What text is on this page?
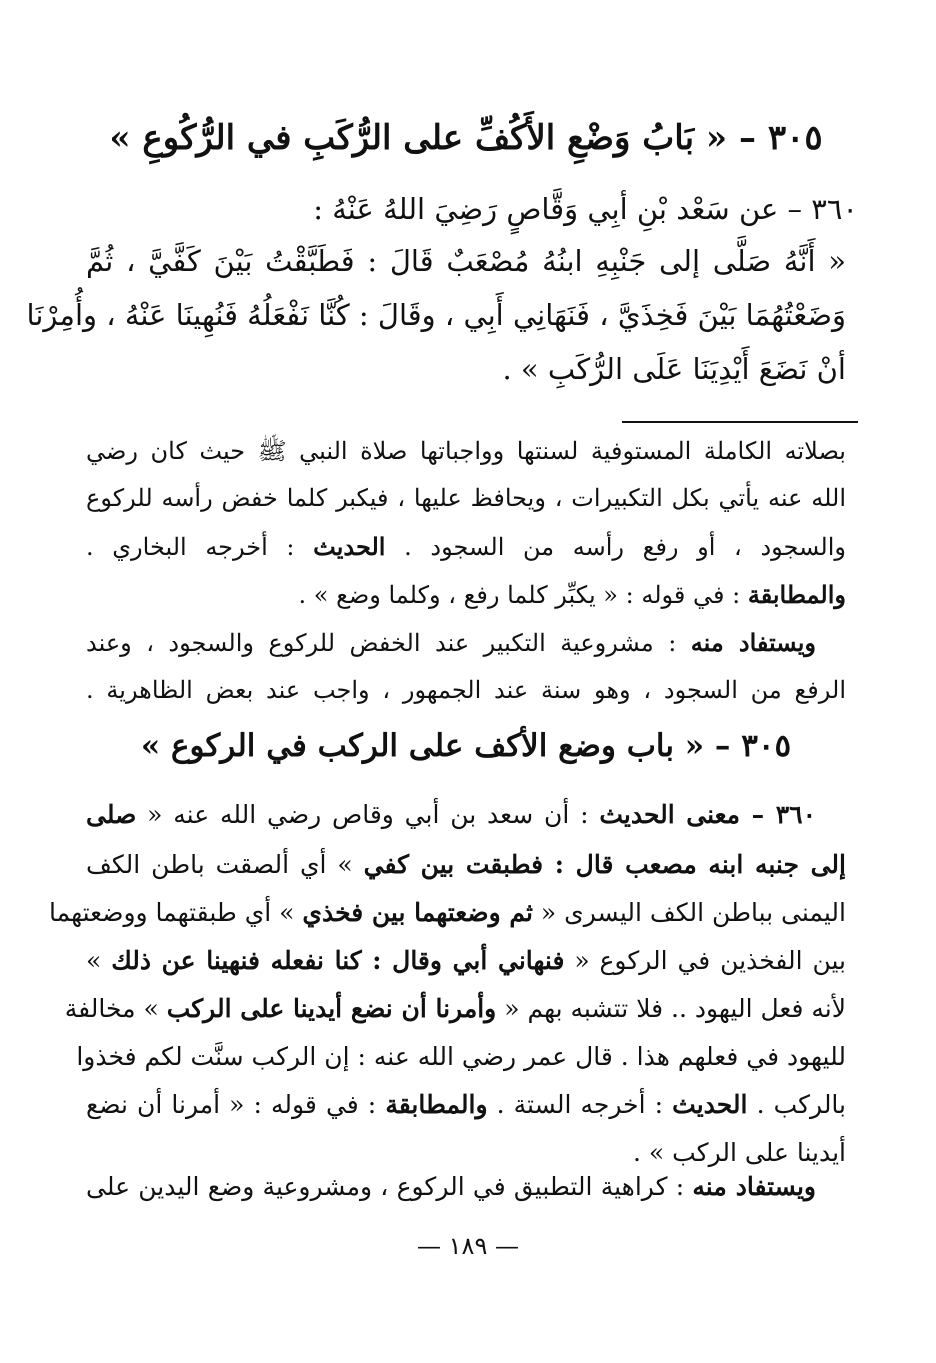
٣٠٥ – « بَابُ وَضْعِ الأَكُفِّ على الرُّكَبِ في الرُّكُوعِ »
٣٦٠ – عن سَعْد بْنِ أبِي وَقَّاصٍ رَضِيَ اللهُ عَنْهُ :
« أَنَّهُ صَلَّى إلى جَنْبِهِ ابنُهُ مُصْعَبٌ قَالَ : فَطَبَّقْتُ بَيْنَ كَفَّيَّ ، ثُمَّ
وَضَعْتُهُمَا بَيْنَ فَخِذَيَّ ، فَنَهَانِي أَبِي ، وقَالَ : كُنَّا نَفْعَلُهُ فَنُهِينَا عَنْهُ ، وأُمِرْنَا
أنْ نَضَعَ أَيْدِيَنَا عَلَى الرُّكَبِ » .
بصلاته الكاملة المستوفية لسنتها وواجباتها صلاة النبي ﷺ حيث كان رضي
الله عنه يأتي بكل التكبيرات ، ويحافظ عليها ، فيكبر كلما خفض رأسه للركوع
والسجود ، أو رفع رأسه من السجود . الحديث : أخرجه البخاري .
والمطابقة : في قوله : « يكبِّر كلما رفع ، وكلما وضع » .
ويستفاد منه : مشروعية التكبير عند الخفض للركوع والسجود ، وعند
الرفع من السجود ، وهو سنة عند الجمهور ، واجب عند بعض الظاهرية .
٣٠٥ – « باب وضع الأكف على الركب في الركوع »
٣٦٠ – معنى الحديث : أن سعد بن أبي وقاص رضي الله عنه « صلى
إلى جنبه ابنه مصعب قال : فطبقت بين كفي » أي ألصقت باطن الكف
اليمنى بباطن الكف اليسرى « ثم وضعتهما بين فخذي » أي طبقتهما ووضعتهما
بين الفخذين في الركوع « فنهاني أبي وقال : كنا نفعله فنهينا عن ذلك »
لأنه فعل اليهود .. فلا تتشبه بهم « وأمرنا أن نضع أيدينا على الركب » مخالفة
لليهود في فعلهم هذا . قال عمر رضي الله عنه : إن الركب سنَّت لكم فخذوا
بالركب . الحديث : أخرجه الستة . والمطابقة : في قوله : « أمرنا أن نضع
أيدينا على الركب » .
ويستفاد منه : كراهية التطبيق في الركوع ، ومشروعية وضع اليدين على
— ١٨٩ —
